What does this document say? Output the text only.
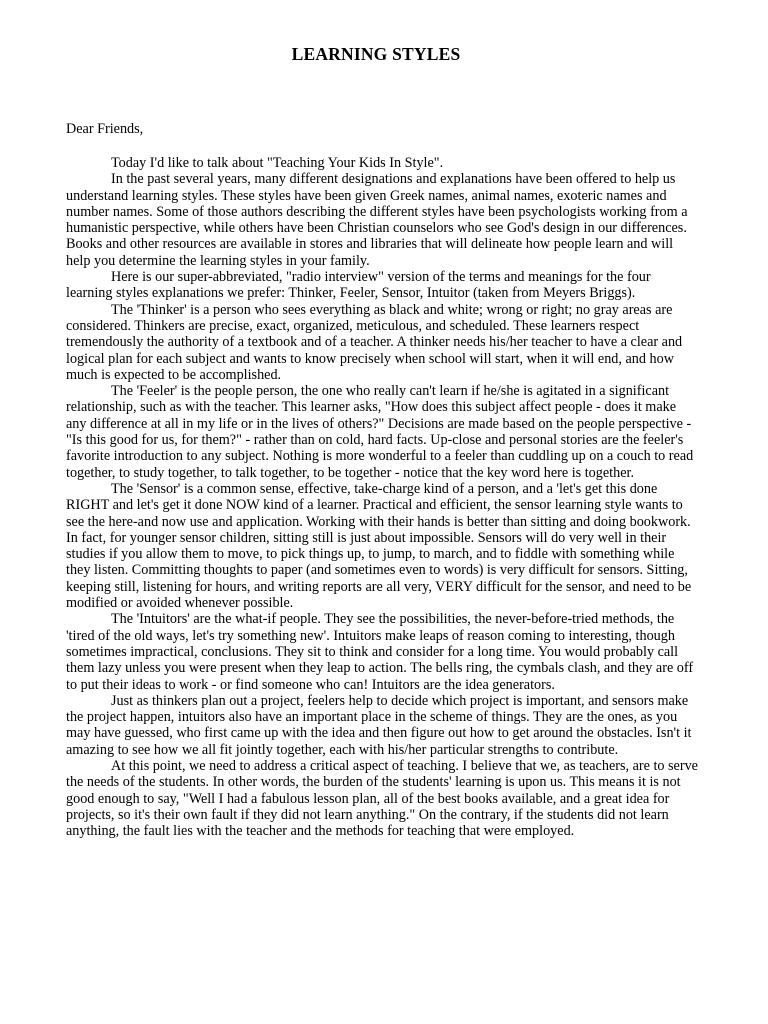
LEARNING STYLES
Dear Friends,

Today I'd like to talk about "Teaching Your Kids In Style".

In the past several years, many different designations and explanations have been offered to help us understand learning styles. These styles have been given Greek names, animal names, exoteric names and number names. Some of those authors describing the different styles have been psychologists working from a humanistic perspective, while others have been Christian counselors who see God's design in our differences. Books and other resources are available in stores and libraries that will delineate how people learn and will help you determine the learning styles in your family.

Here is our super-abbreviated, "radio interview" version of the terms and meanings for the four learning styles explanations we prefer: Thinker, Feeler, Sensor, Intuitor (taken from Meyers Briggs).

The 'Thinker' is a person who sees everything as black and white; wrong or right; no gray areas are considered. Thinkers are precise, exact, organized, meticulous, and scheduled. These learners respect tremendously the authority of a textbook and of a teacher. A thinker needs his/her teacher to have a clear and logical plan for each subject and wants to know precisely when school will start, when it will end, and how much is expected to be accomplished.

The 'Feeler' is the people person, the one who really can't learn if he/she is agitated in a significant relationship, such as with the teacher. This learner asks, "How does this subject affect people - does it make any difference at all in my life or in the lives of others?" Decisions are made based on the people perspective - "Is this good for us, for them?" - rather than on cold, hard facts. Up-close and personal stories are the feeler's favorite introduction to any subject. Nothing is more wonderful to a feeler than cuddling up on a couch to read together, to study together, to talk together, to be together - notice that the key word here is together.

The 'Sensor' is a common sense, effective, take-charge kind of a person, and a 'let's get this done RIGHT and let's get it done NOW kind of a learner. Practical and efficient, the sensor learning style wants to see the here-and now use and application. Working with their hands is better than sitting and doing bookwork. In fact, for younger sensor children, sitting still is just about impossible. Sensors will do very well in their studies if you allow them to move, to pick things up, to jump, to march, and to fiddle with something while they listen. Committing thoughts to paper (and sometimes even to words) is very difficult for sensors. Sitting, keeping still, listening for hours, and writing reports are all very, VERY difficult for the sensor, and need to be modified or avoided whenever possible.

The 'Intuitors' are the what-if people. They see the possibilities, the never-before-tried methods, the 'tired of the old ways, let's try something new'. Intuitors make leaps of reason coming to interesting, though sometimes impractical, conclusions. They sit to think and consider for a long time. You would probably call them lazy unless you were present when they leap to action. The bells ring, the cymbals clash, and they are off to put their ideas to work - or find someone who can! Intuitors are the idea generators.

Just as thinkers plan out a project, feelers help to decide which project is important, and sensors make the project happen, intuitors also have an important place in the scheme of things. They are the ones, as you may have guessed, who first came up with the idea and then figure out how to get around the obstacles. Isn't it amazing to see how we all fit jointly together, each with his/her particular strengths to contribute.

At this point, we need to address a critical aspect of teaching. I believe that we, as teachers, are to serve the needs of the students. In other words, the burden of the students' learning is upon us. This means it is not good enough to say, "Well I had a fabulous lesson plan, all of the best books available, and a great idea for projects, so it's their own fault if they did not learn anything." On the contrary, if the students did not learn anything, the fault lies with the teacher and the methods for teaching that were employed.
